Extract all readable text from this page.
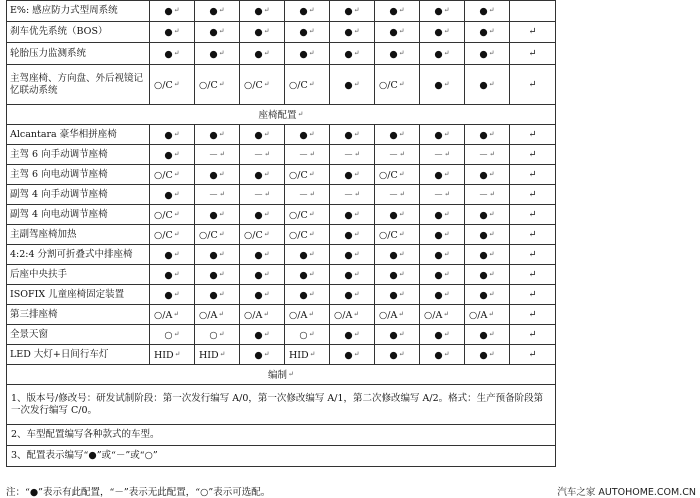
E%: 感应防力式型周系统	●↵	●↵	●↵	●↵	●↵	●↵	●↵	●↵	
刹车优先系统（BOS）	●↵	●↵	●↵	●↵	●↵	●↵	●↵	●↵	↵
轮胎压力监测系统	●↵	●↵	●↵	●↵	●↵	●↵	●↵	●↵	↵
主驾座椅、方向盘、外后视镜记忆联动系统	○/C↵	○/C↵	○/C↵	○/C↵	●↵	○/C↵	●↵	●↵	↵
座椅配置↵
Alcantara 豪华相拼座椅	●↵	●↵	●↵	●↵	●↵	●↵	●↵	●↵	↵
主驾 6 向手动调节座椅	●↵	－↵	－↵	－↵	－↵	－↵	－↵	－↵	↵
主驾 6 向电动调节座椅	○/C↵	●↵	●↵	○/C↵	●↵	○/C↵	●↵	●↵	↵
副驾 4 向手动调节座椅	●↵	－↵	－↵	－↵	－↵	－↵	－↵	－↵	↵
副驾 4 向电动调节座椅	○/C↵	●↵	●↵	○/C↵	●↵	●↵	●↵	●↵	↵
主副驾座椅加热	○/C↵	○/C↵	○/C↵	○/C↵	●↵	○/C↵	●↵	●↵	↵
4:2:4 分割可折叠式中排座椅	●↵	●↵	●↵	●↵	●↵	●↵	●↵	●↵	↵
后座中央扶手	●↵	●↵	●↵	●↵	●↵	●↵	●↵	●↵	↵
ISOFIX 儿童座椅固定装置	●↵	●↵	●↵	●↵	●↵	●↵	●↵	●↵	↵
第三排座椅	○/A↵	○/A↵	○/A↵	○/A↵	○/A↵	○/A↵	○/A↵	○/A↵	↵
全景天窗	○↵	○↵	●↵	○↵	●↵	●↵	●↵	●↵	↵
LED 大灯+日间行车灯	HID↵	HID↵	●↵	HID↵	●↵	●↵	●↵	●↵	↵
编制↵
1、版本号/修改号：研发试制阶段：第一次发行编写 A/0，第一次修改编写 A/1，第二次修改编写 A/2。格式：生产预备阶段第一次发行编写 C/0。									
2、车型配置编写各种款式的车型。									
3、配置表示编写“●”或“－”或“○”									
注：“●”表示有此配置，“－”表示无此配置，“○”表示可选配。	汽车之家 AUTOHOME.COM.CN
